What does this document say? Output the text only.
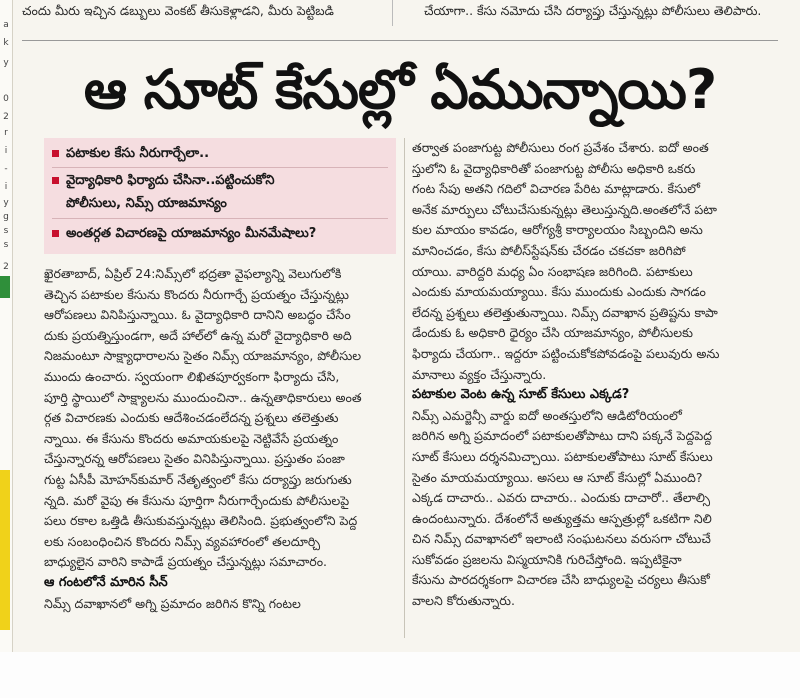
a
k
y
0
2
r
i
-
i
y
g
s
s
2
చందు మీరు ఇచ్చిన డబ్బులు వెంకట్ తీసుకెళ్లాడని, మీరు పెట్టిబడి	చేయాగా.. కేసు నమోదు చేసి దర్యాప్తు చేస్తున్నట్లు పోలీసులు తెలిపారు.
ఆ సూట్ కేసుల్లో ఏమున్నాయి?
పటాకుల కేసు నీరుగార్చేలా..
వైద్యాధికారి ఫిర్యాదు చేసినా..పట్టించుకోని
పోలీసులు, నిమ్స్ యాజమాన్యం
అంతర్గత విచారణపై యాజమాన్యం మీనమేషాలు?

ఖైరతాబాద్, ఏప్రిల్ 24:నిమ్స్‌లో భద్రతా వైఫల్యాన్ని వెలుగులోకి

తెచ్చిన పటాకుల కేసును కొందరు నీరుగార్చే ప్రయత్నం చేస్తున్నట్లు

ఆరోపణలు వినిపిస్తున్నాయి. ఓ వైద్యాధికారి దానిని అబద్ధం చేసేం

దుకు ప్రయత్నిస్తుండగా, అదే హాల్‌లో ఉన్న మరో వైద్యాధికారి అది

నిజమంటూ సాక్ష్యాధారాలను సైతం నిమ్స్ యాజమాన్యం, పోలీసుల

ముందు ఉంచారు. స్వయంగా లిఖితపూర్వకంగా ఫిర్యాదు చేసి,

పూర్తి స్థాయిలో సాక్ష్యాలను ముందుంచినా.. ఉన్నతాధికారులు అంత

ర్గత విచారణకు ఎందుకు ఆదేశించడంలేదన్న ప్రశ్నలు తలెత్తుతు

న్నాయి. ఈ కేసును కొందరు అమాయకులపై నెట్టివేసే ప్రయత్నం

చేస్తున్నారన్న ఆరోపణలు సైతం వినిపిస్తున్నాయి. ప్రస్తుతం పంజా

గుట్ట ఏసీపీ మోహన్‌కుమార్ నేతృత్వంలో కేసు దర్యాప్తు జరుగుతు

న్నది. మరో వైపు ఈ కేసును పూర్తిగా నీరుగార్చేందుకు పోలీసులపై

పలు రకాల ఒత్తిడి తీసుకువస్తున్నట్లు తెలిసింది. ప్రభుత్వంలోని పెద్ద

లకు సంబంధించిన కొందరు నిమ్స్ వ్యవహారంలో తలదూర్చి

బాధ్యులైన వారిని కాపాడే ప్రయత్నం చేస్తున్నట్లు సమాచారం.

ఆ గంటలోనే మారిన సీన్

నిమ్స్ దవాఖానలో అగ్ని ప్రమాదం జరిగిన కొన్ని గంటల

తర్వాత పంజాగుట్ట పోలీసులు రంగ ప్రవేశం చేశారు. ఐదో అంత

స్తులోని ఓ వైద్యాధికారితో పంజాగుట్ట పోలీసు అధికారి ఒకరు

గంట సేపు అతని గదిలో విచారణ పేరిట మాట్లాడారు. కేసులో

అనేక మార్పులు చోటుచేసుకున్నట్లు తెలుస్తున్నది.అంతలోనే పటా

కుల మాయం కావడం, ఆరోగ్యశ్రీ కార్యాలయం సిబ్బందిని అను

మానించడం, కేసు పోలీస్‌స్టేషన్‌కు చేరడం చకచకా జరిగిపో

యాయి. వారిద్దరి మధ్య ఏం సంభాషణ జరిగింది. పటాకులు

ఎందుకు మాయమయ్యాయి. కేసు ముందుకు ఎందుకు సాగడం

లేదన్న ప్రశ్నలు తలెత్తుతున్నాయి. నిమ్స్ దవాఖాన ప్రతిష్టను కాపా

డేందుకు ఓ అధికారి ధైర్యం చేసి యాజమాన్యం, పోలీసులకు

ఫిర్యాదు చేయగా.. ఇద్దరూ పట్టించుకోకపోవడంపై పలువురు అను

మానాలు వ్యక్తం చేస్తున్నారు.

పటాకుల వెంట ఉన్న సూట్ కేసులు ఎక్కడ?

నిమ్స్ ఎమర్జెన్సీ వార్డు ఐదో అంతస్తులోని ఆడిటోరియంలో

జరిగిన అగ్ని ప్రమాదంలో పటాకులతోపాటు దాని పక్కనే పెద్దపెద్ద

సూట్ కేసులు దర్శనమిచ్చాయి. పటాకులతోపాటు సూట్ కేసులు

సైతం మాయమయ్యాయి. అసలు ఆ సూట్ కేసుల్లో ఏముంది?

ఎక్కడ దాచారు.. ఎవరు దాచారు.. ఎందుకు దాచారో.. తేలాల్సి

ఉందంటున్నారు. దేశంలోనే అత్యుత్తమ ఆస్పత్రుల్లో ఒకటిగా నిలి

చిన నిమ్స్ దవాఖానలో ఇలాంటి సంఘటనలు వరుసగా చోటుచే

సుకోవడం ప్రజలను విస్మయానికి గురిచేస్తోంది. ఇప్పటికైనా

కేసును పారదర్శకంగా విచారణ చేసి బాధ్యులపై చర్యలు తీసుకో

వాలని కోరుతున్నారు.
